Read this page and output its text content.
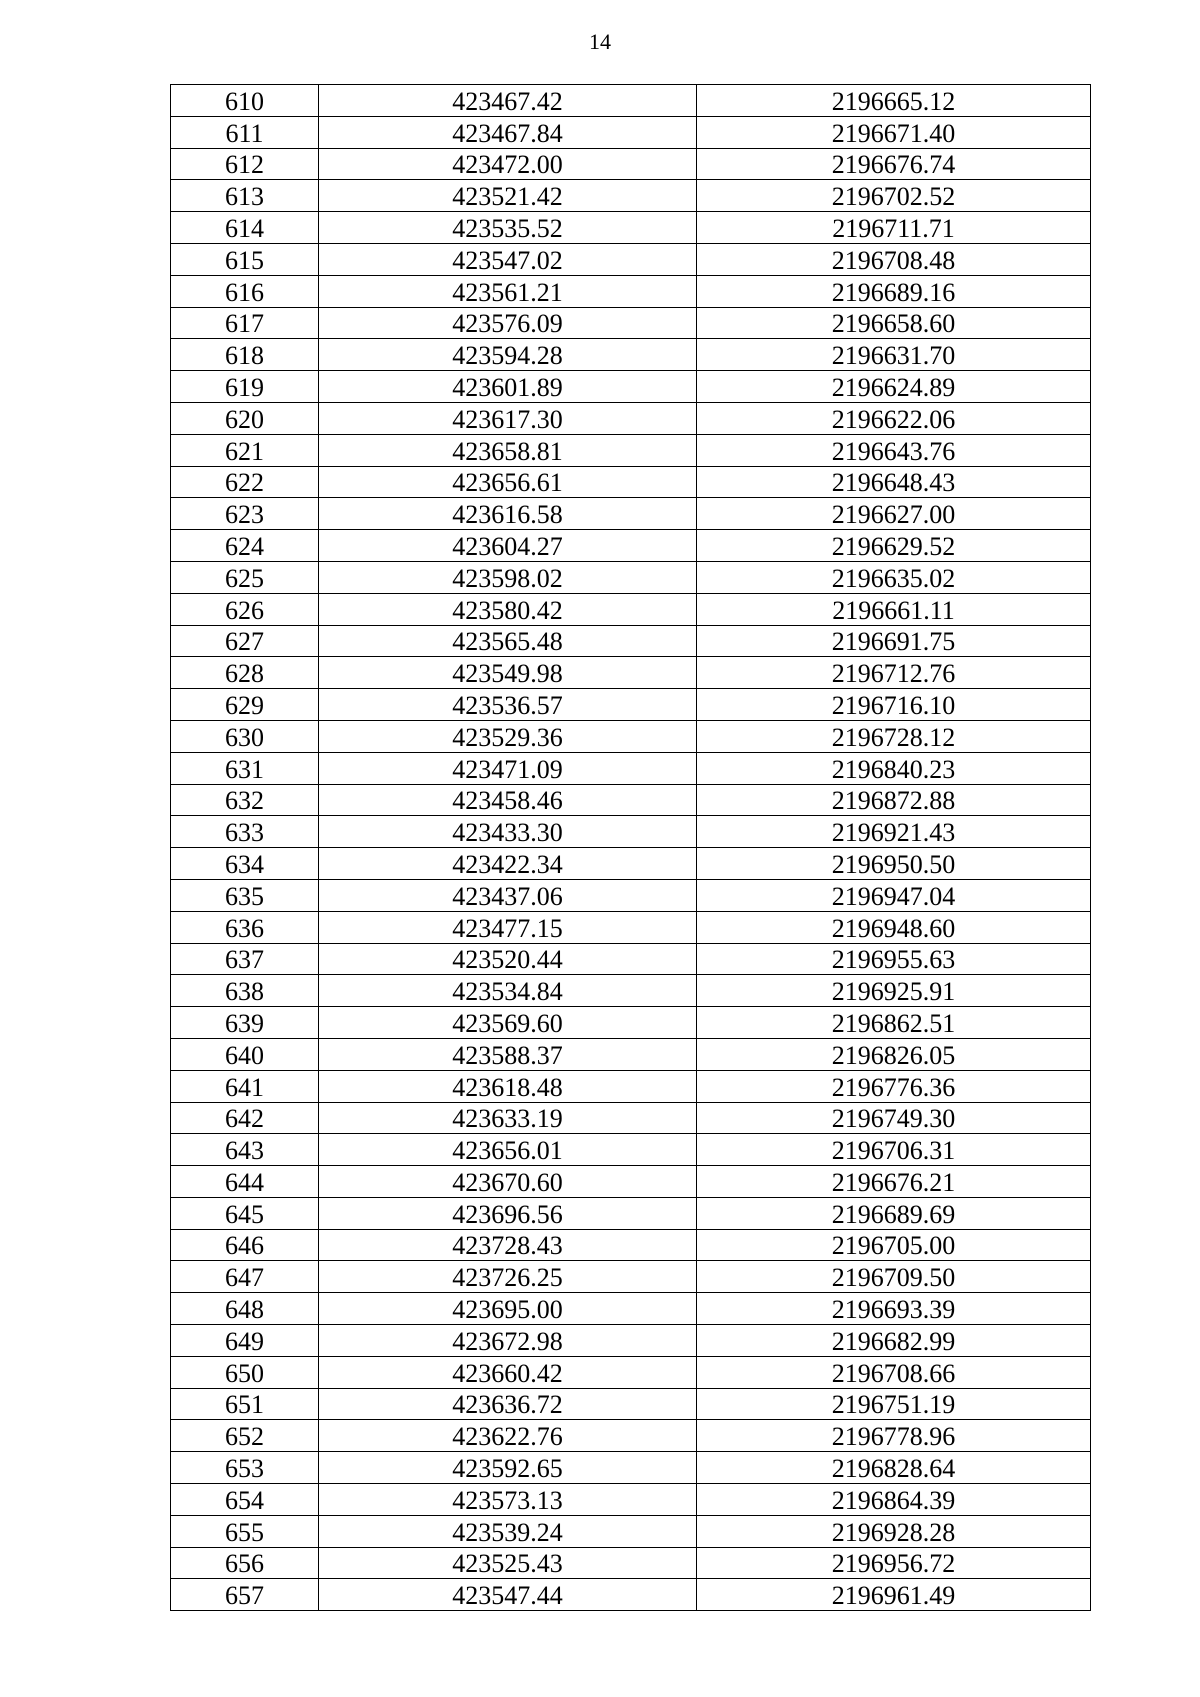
14
610	423467.42	2196665.12
611	423467.84	2196671.40
612	423472.00	2196676.74
613	423521.42	2196702.52
614	423535.52	2196711.71
615	423547.02	2196708.48
616	423561.21	2196689.16
617	423576.09	2196658.60
618	423594.28	2196631.70
619	423601.89	2196624.89
620	423617.30	2196622.06
621	423658.81	2196643.76
622	423656.61	2196648.43
623	423616.58	2196627.00
624	423604.27	2196629.52
625	423598.02	2196635.02
626	423580.42	2196661.11
627	423565.48	2196691.75
628	423549.98	2196712.76
629	423536.57	2196716.10
630	423529.36	2196728.12
631	423471.09	2196840.23
632	423458.46	2196872.88
633	423433.30	2196921.43
634	423422.34	2196950.50
635	423437.06	2196947.04
636	423477.15	2196948.60
637	423520.44	2196955.63
638	423534.84	2196925.91
639	423569.60	2196862.51
640	423588.37	2196826.05
641	423618.48	2196776.36
642	423633.19	2196749.30
643	423656.01	2196706.31
644	423670.60	2196676.21
645	423696.56	2196689.69
646	423728.43	2196705.00
647	423726.25	2196709.50
648	423695.00	2196693.39
649	423672.98	2196682.99
650	423660.42	2196708.66
651	423636.72	2196751.19
652	423622.76	2196778.96
653	423592.65	2196828.64
654	423573.13	2196864.39
655	423539.24	2196928.28
656	423525.43	2196956.72
657	423547.44	2196961.49
